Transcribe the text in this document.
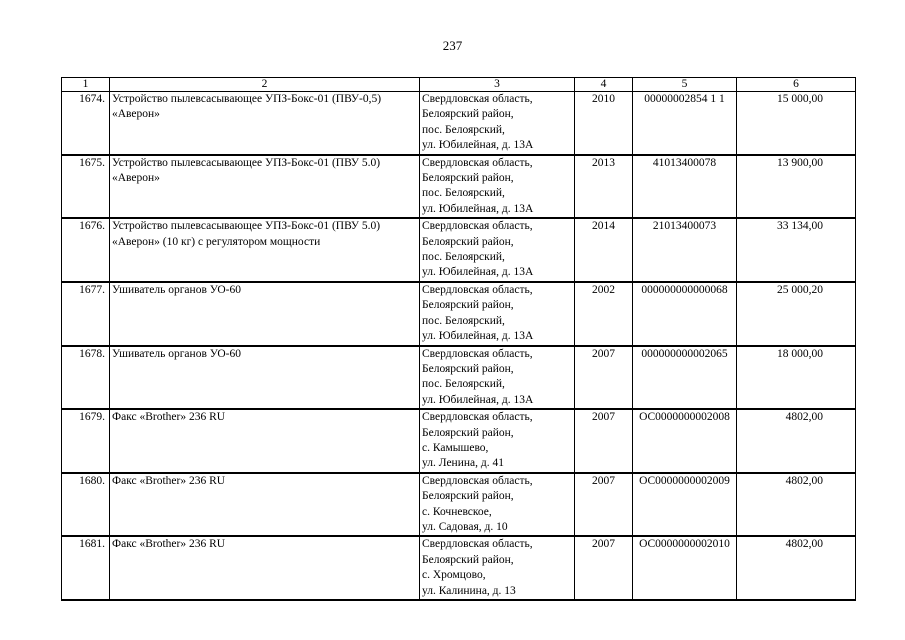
237
1	2	3	4	5	6
1674.	Устройство пылевсасывающее УПЗ-Бокс-01 (ПВУ-0,5) «Аверон»	Свердловская область,
Белоярский район,
пос. Белоярский,
ул. Юбилейная, д. 13А	2010	00000002854 1 1	15 000,00
1675.	Устройство пылевсасывающее УПЗ-Бокс-01 (ПВУ 5.0) «Аверон»	Свердловская область,
Белоярский район,
пос. Белоярский,
ул. Юбилейная, д. 13А	2013	41013400078	13 900,00
1676.	Устройство пылевсасывающее УПЗ-Бокс-01 (ПВУ 5.0) «Аверон» (10 кг) с регулятором мощности	Свердловская область,
Белоярский район,
пос. Белоярский,
ул. Юбилейная, д. 13А	2014	21013400073	33 134,00
1677.	Ушиватель органов УО-60	Свердловская область,
Белоярский район,
пос. Белоярский,
ул. Юбилейная, д. 13А	2002	000000000000068	25 000,20
1678.	Ушиватель органов УО-60	Свердловская область,
Белоярский район,
пос. Белоярский,
ул. Юбилейная, д. 13А	2007	000000000002065	18 000,00
1679.	Факс «Brother» 236 RU	Свердловская область,
Белоярский район,
с. Камышево,
ул. Ленина, д. 41	2007	ОС0000000002008	4802,00
1680.	Факс «Brother» 236 RU	Свердловская область,
Белоярский район,
с. Кочневское,
ул. Садовая, д. 10	2007	ОС0000000002009	4802,00
1681.	Факс «Brother» 236 RU	Свердловская область,
Белоярский район,
с. Хромцово,
ул. Калинина, д. 13	2007	ОС0000000002010	4802,00
